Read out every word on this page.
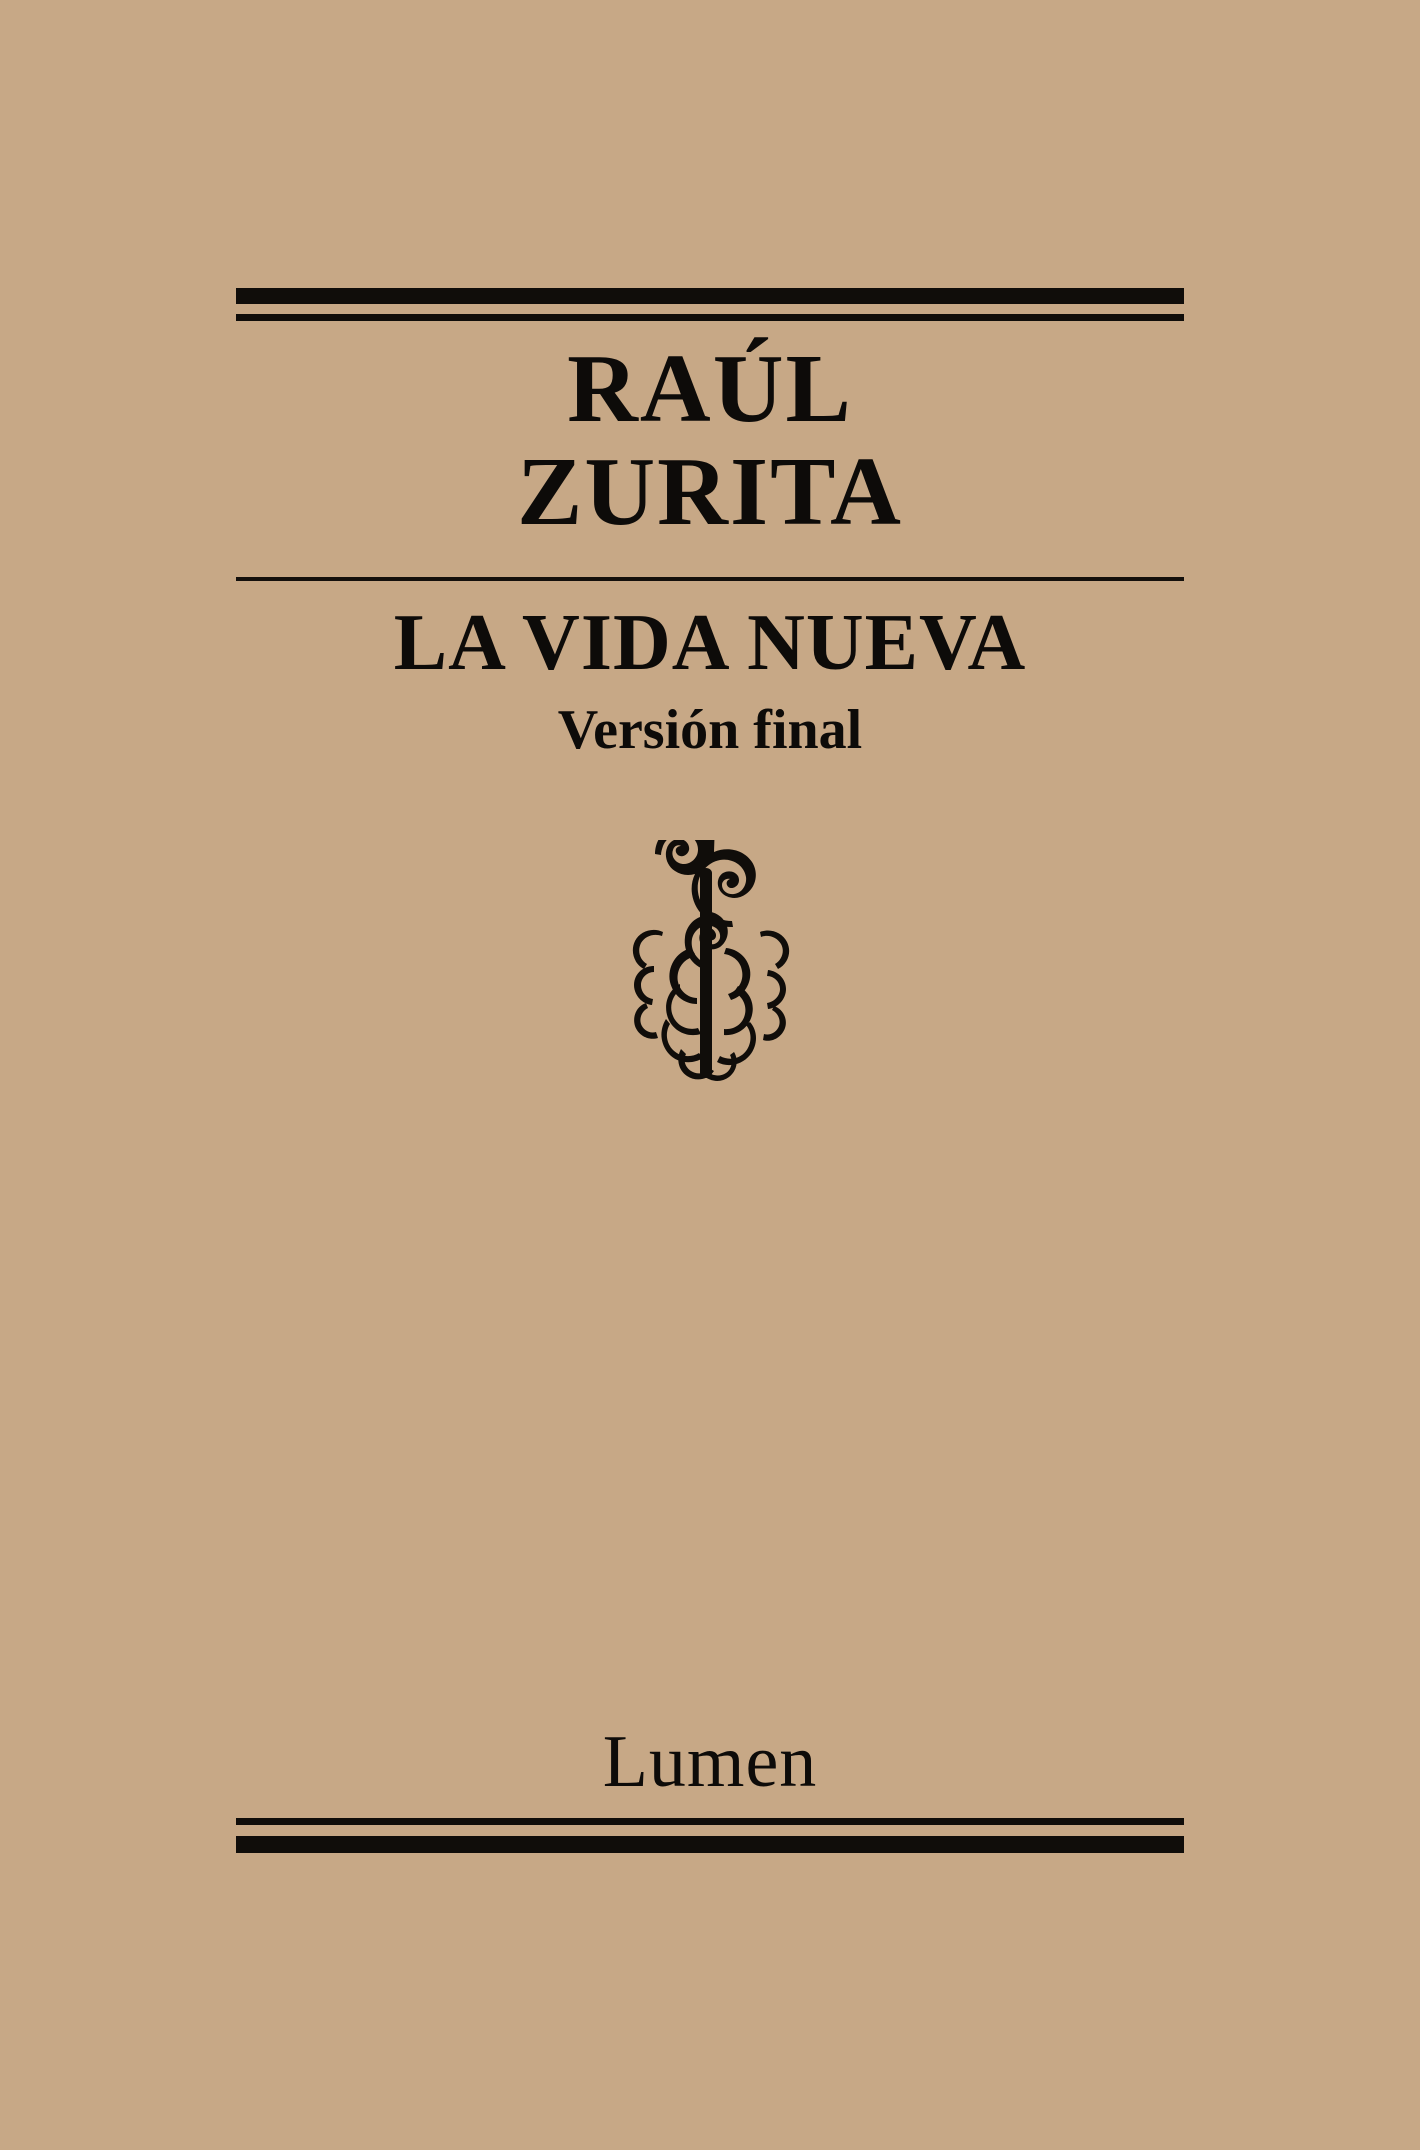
RAÚL
ZURITA
LA VIDA NUEVA
Versión final
Lumen
